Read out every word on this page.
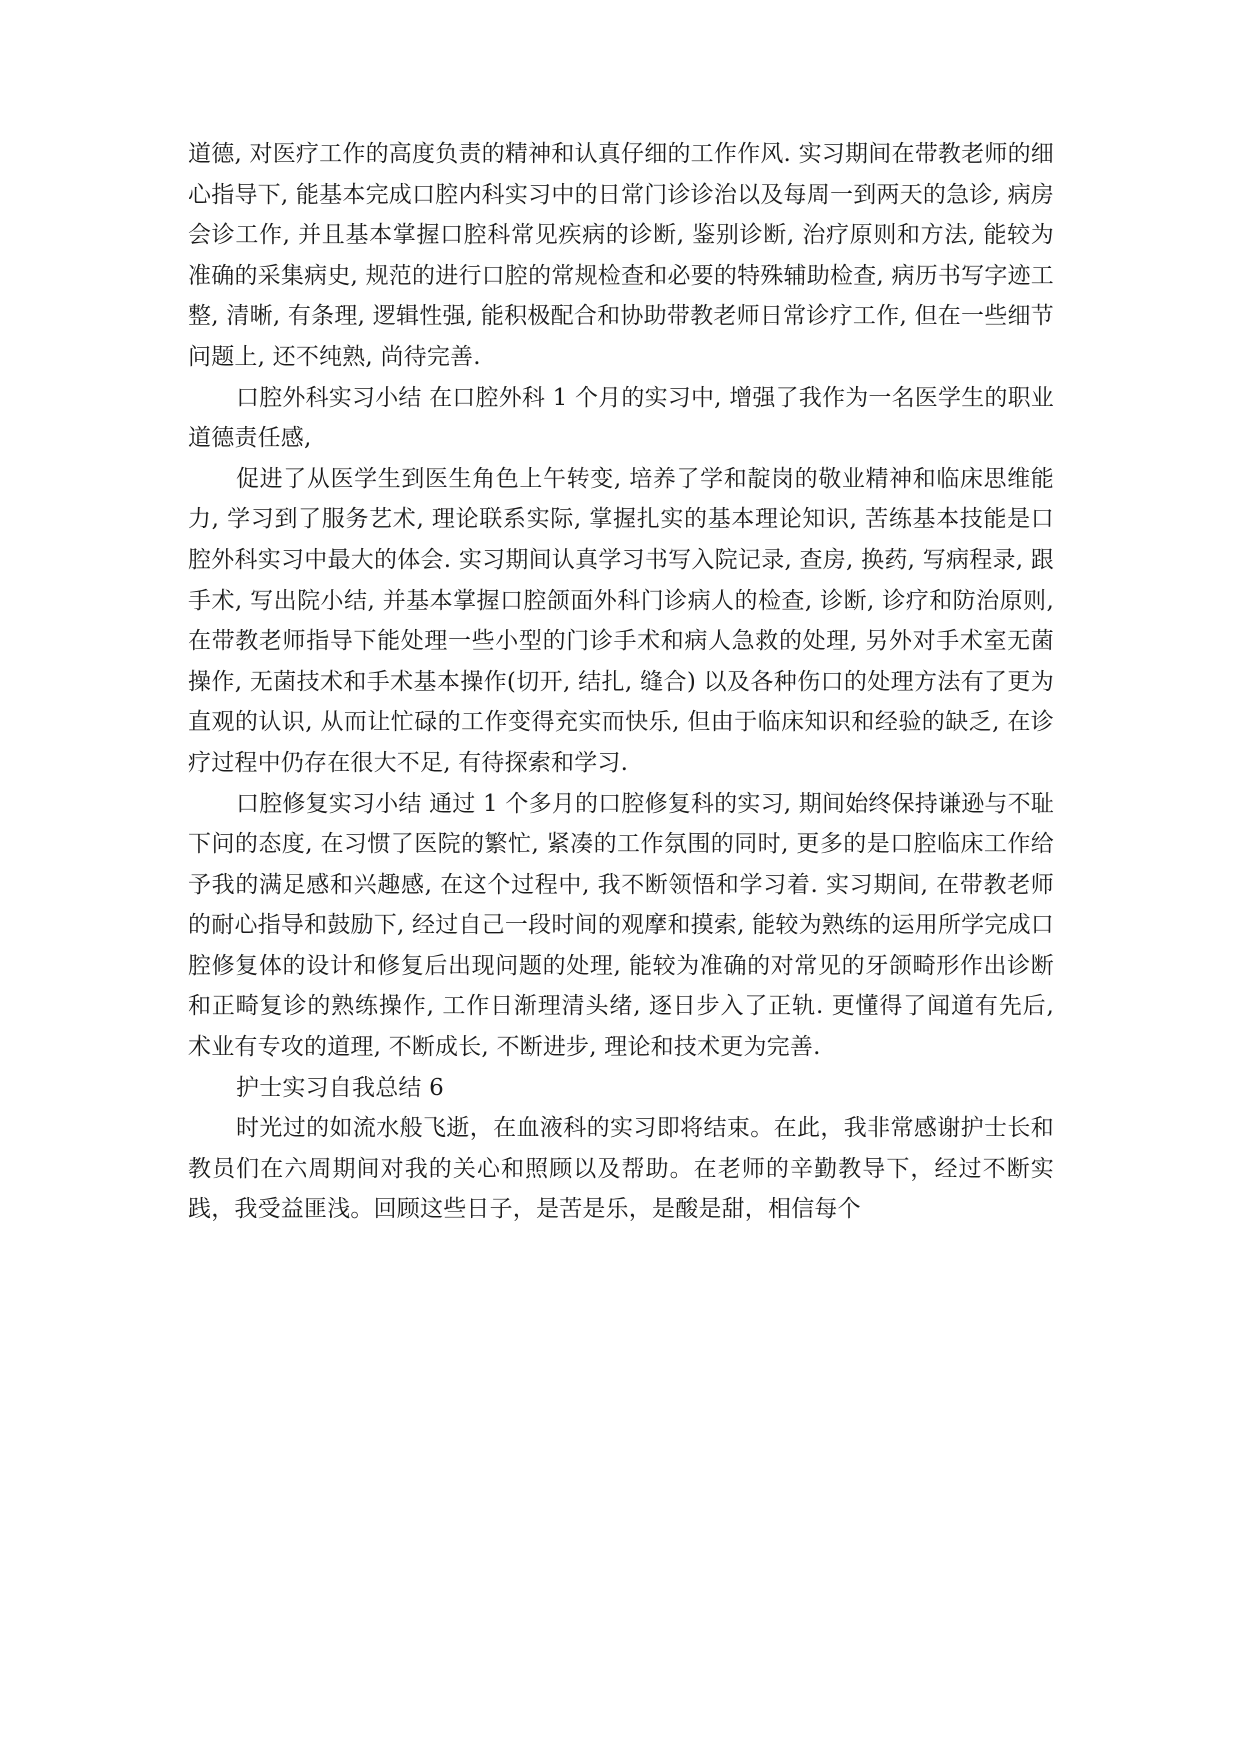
道德, 对医疗工作的高度负责的精神和认真仔细的工作作风. 实习期间在带教老师的细心指导下, 能基本完成口腔内科实习中的日常门诊诊治以及每周一到两天的急诊, 病房会诊工作, 并且基本掌握口腔科常见疾病的诊断, 鉴别诊断, 治疗原则和方法, 能较为准确的采集病史, 规范的进行口腔的常规检查和必要的特殊辅助检查, 病历书写字迹工整, 清晰, 有条理, 逻辑性强, 能积极配合和协助带教老师日常诊疗工作, 但在一些细节问题上, 还不纯熟, 尚待完善.

口腔外科实习小结 在口腔外科 1 个月的实习中, 增强了我作为一名医学生的职业道德责任感,

促进了从医学生到医生角色上午转变, 培养了学和靛岗的敬业精神和临床思维能力, 学习到了服务艺术, 理论联系实际, 掌握扎实的基本理论知识, 苦练基本技能是口腔外科实习中最大的体会. 实习期间认真学习书写入院记录, 查房, 换药, 写病程录, 跟手术, 写出院小结, 并基本掌握口腔颌面外科门诊病人的检查, 诊断, 诊疗和防治原则, 在带教老师指导下能处理一些小型的门诊手术和病人急救的处理, 另外对手术室无菌操作, 无菌技术和手术基本操作(切开, 结扎, 缝合) 以及各种伤口的处理方法有了更为直观的认识, 从而让忙碌的工作变得充实而快乐, 但由于临床知识和经验的缺乏, 在诊疗过程中仍存在很大不足, 有待探索和学习.

口腔修复实习小结 通过 1 个多月的口腔修复科的实习, 期间始终保持谦逊与不耻下问的态度, 在习惯了医院的繁忙, 紧凑的工作氛围的同时, 更多的是口腔临床工作给予我的满足感和兴趣感, 在这个过程中, 我不断领悟和学习着. 实习期间, 在带教老师的耐心指导和鼓励下, 经过自己一段时间的观摩和摸索, 能较为熟练的运用所学完成口腔修复体的设计和修复后出现问题的处理, 能较为准确的对常见的牙颌畸形作出诊断和正畸复诊的熟练操作, 工作日渐理清头绪, 逐日步入了正轨. 更懂得了闻道有先后, 术业有专攻的道理, 不断成长, 不断进步, 理论和技术更为完善.

护士实习自我总结 6

时光过的如流水般飞逝，在血液科的实习即将结束。在此，我非常感谢护士长和教员们在六周期间对我的关心和照顾以及帮助。在老师的辛勤教导下，经过不断实践，我受益匪浅。回顾这些日子，是苦是乐，是酸是甜，相信每个
